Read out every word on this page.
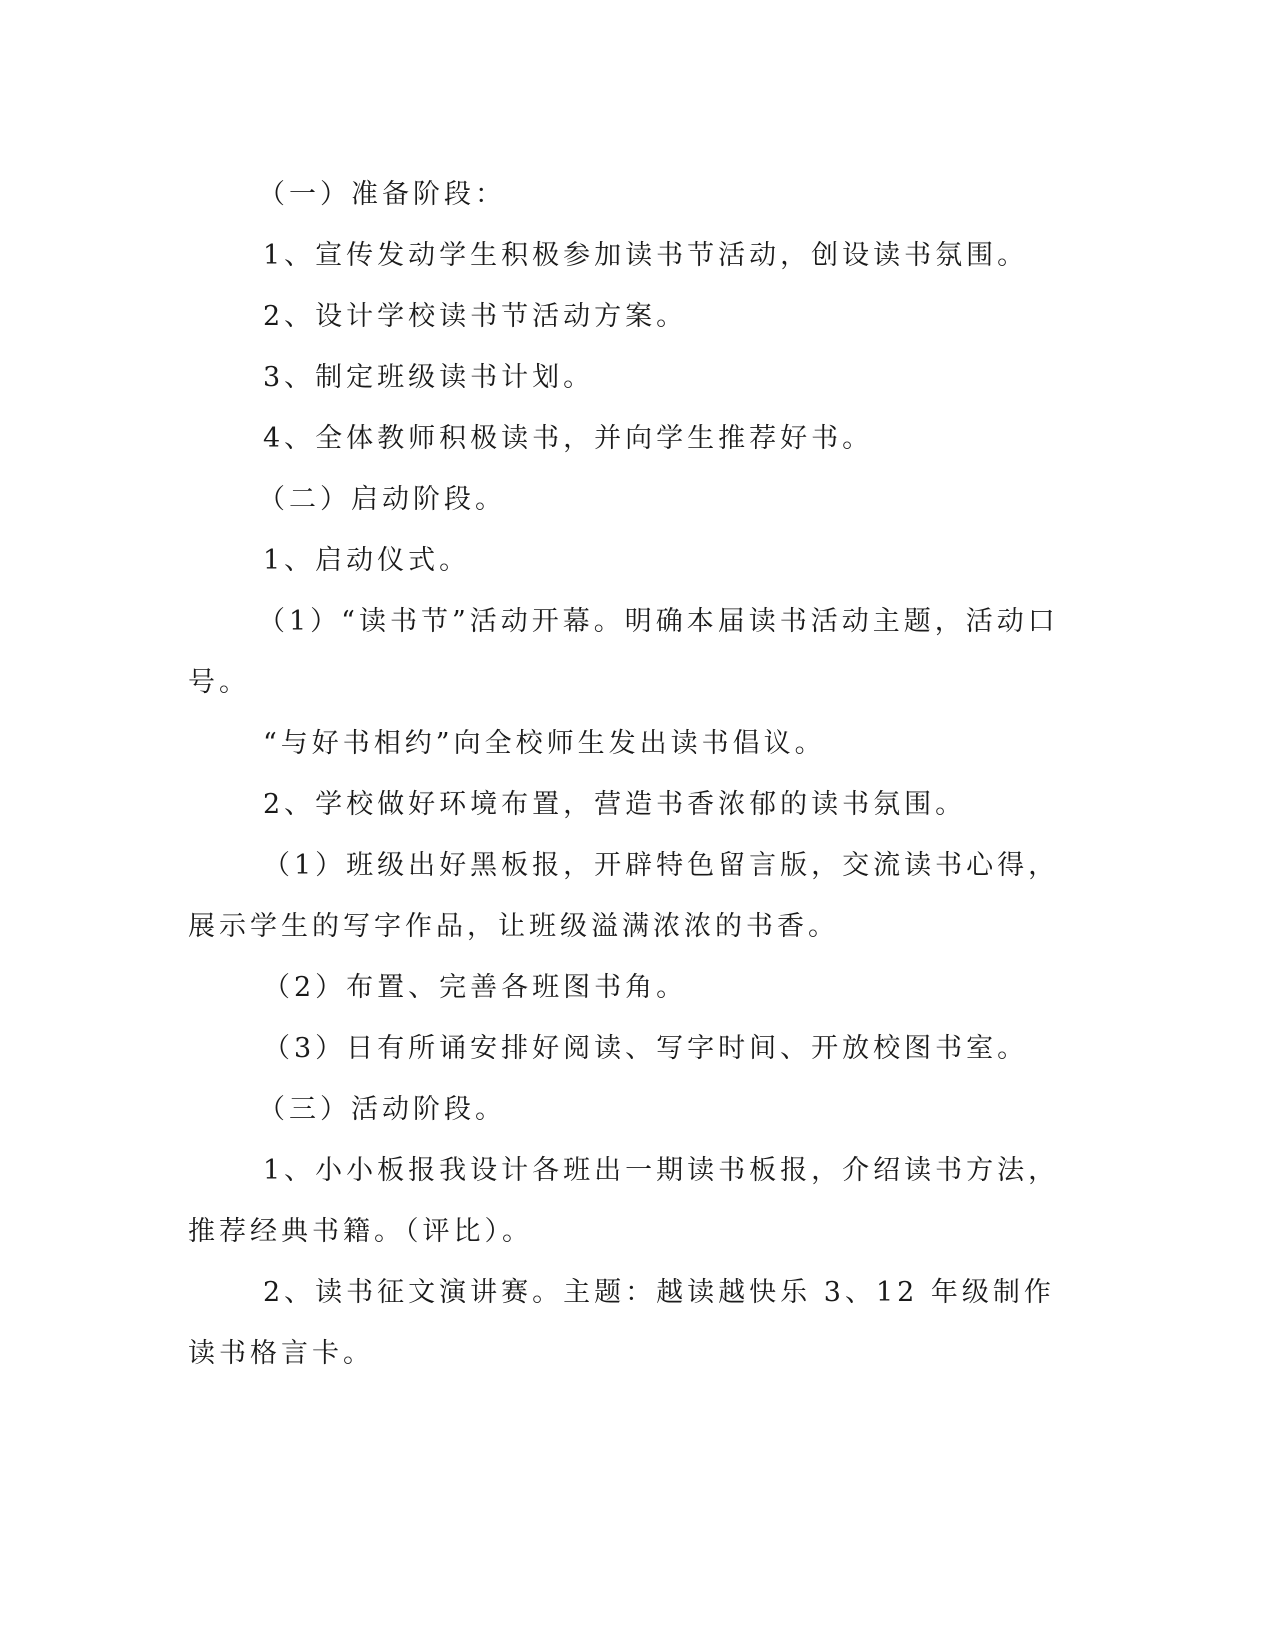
（一）准备阶段：

1、宣传发动学生积极参加读书节活动，创设读书氛围。

2、设计学校读书节活动方案。

3、制定班级读书计划。

4、全体教师积极读书，并向学生推荐好书。

（二）启动阶段。

1、启动仪式。

（1）“读书节”活动开幕。明确本届读书活动主题，活动口号。

“与好书相约”向全校师生发出读书倡议。

2、学校做好环境布置，营造书香浓郁的读书氛围。

（1）班级出好黑板报，开辟特色留言版，交流读书心得，展示学生的写字作品，让班级溢满浓浓的书香。

（2）布置、完善各班图书角。

（3）日有所诵安排好阅读、写字时间、开放校图书室。

（三）活动阶段。

1、小小板报我设计各班出一期读书板报，介绍读书方法，推荐经典书籍。（评比）。

2、读书征文演讲赛。主题：越读越快乐 3、12 年级制作读书格言卡。
